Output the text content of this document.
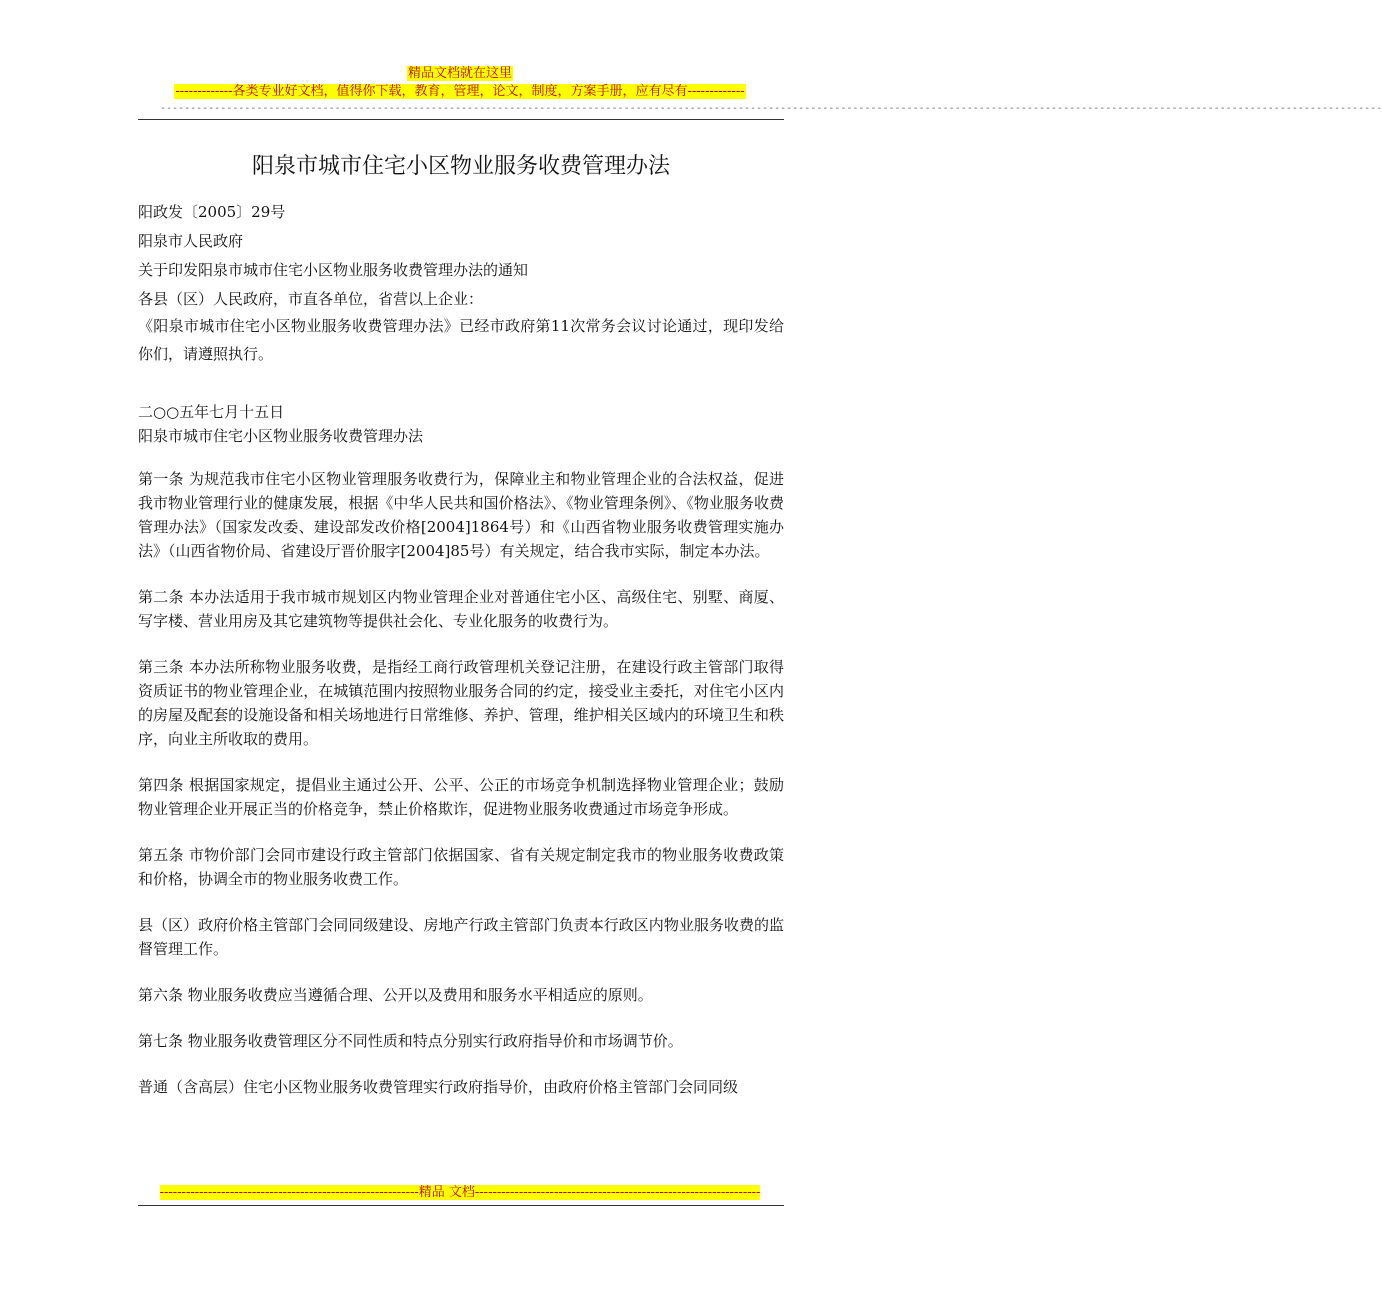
精品文档就在这里
-------------各类专业好文档，值得你下载，教育，管理，论文，制度，方案手册，应有尽有-------------
-----------------------------------------------------------------------------------------------------------------------------------------------------------------------------------------------------------
阳泉市城市住宅小区物业服务收费管理办法

阳政发〔2005〕29号

阳泉市人民政府

关于印发阳泉市城市住宅小区物业服务收费管理办法的通知

各县（区）人民政府，市直各单位，省营以上企业：

《阳泉市城市住宅小区物业服务收费管理办法》已经市政府第11次常务会议讨论通过，现印发给你们，请遵照执行。

二○○五年七月十五日

阳泉市城市住宅小区物业服务收费管理办法

第一条 为规范我市住宅小区物业管理服务收费行为，保障业主和物业管理企业的合法权益，促进我市物业管理行业的健康发展，根据《中华人民共和国价格法》、《物业管理条例》、《物业服务收费管理办法》（国家发改委、建设部发改价格[2004]1864号）和《山西省物业服务收费管理实施办法》（山西省物价局、省建设厅晋价服字[2004]85号）有关规定，结合我市实际，制定本办法。

第二条 本办法适用于我市城市规划区内物业管理企业对普通住宅小区、高级住宅、别墅、商厦、写字楼、营业用房及其它建筑物等提供社会化、专业化服务的收费行为。

第三条 本办法所称物业服务收费，是指经工商行政管理机关登记注册，在建设行政主管部门取得资质证书的物业管理企业，在城镇范围内按照物业服务合同的约定，接受业主委托，对住宅小区内的房屋及配套的设施设备和相关场地进行日常维修、养护、管理，维护相关区域内的环境卫生和秩序，向业主所收取的费用。

第四条 根据国家规定，提倡业主通过公开、公平、公正的市场竞争机制选择物业管理企业；鼓励物业管理企业开展正当的价格竞争，禁止价格欺诈，促进物业服务收费通过市场竞争形成。

第五条 市物价部门会同市建设行政主管部门依据国家、省有关规定制定我市的物业服务收费政策和价格，协调全市的物业服务收费工作。

县（区）政府价格主管部门会同同级建设、房地产行政主管部门负责本行政区内物业服务收费的监督管理工作。

第六条 物业服务收费应当遵循合理、公开以及费用和服务水平相适应的原则。

第七条 物业服务收费管理区分不同性质和特点分别实行政府指导价和市场调节价。

普通（含高层）住宅小区物业服务收费管理实行政府指导价，由政府价格主管部门会同同级

-----------------------------------------------------------精品 文档-----------------------------------------------------------------
